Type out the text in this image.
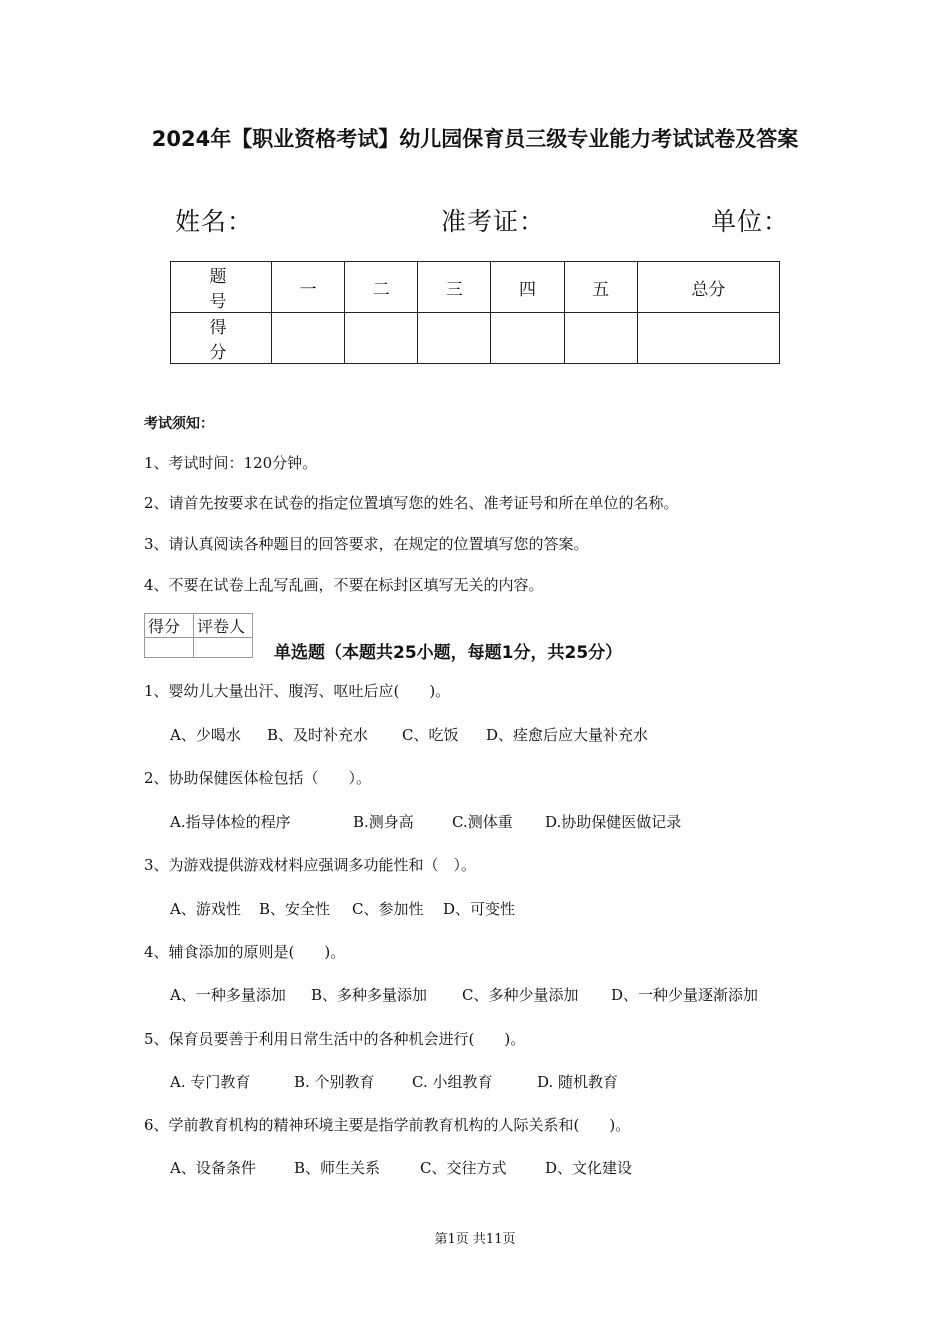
2024年【职业资格考试】幼儿园保育员三级专业能力考试试卷及答案
姓名：	准考证：	单位：
题 号	一	二	三	四	五	总分
得 分						
考试须知：
1、考试时间：120分钟。
2、请首先按要求在试卷的指定位置填写您的姓名、准考证号和所在单位的名称。
3、请认真阅读各种题目的回答要求，在规定的位置填写您的答案。
4、不要在试卷上乱写乱画，不要在标封区填写无关的内容。
得分	评卷人

单选题（本题共25小题，每题1分，共25分）
1、婴幼儿大量出汗、腹泻、呕吐后应(　　)。
A、少喝水 B、及时补充水 C、吃饭 D、痊愈后应大量补充水
2、协助保健医体检包括（　　）。
A.指导体检的程序	B.测身高	C.测体重 D.协助保健医做记录
3、为游戏提供游戏材料应强调多功能性和（　）。
A、游戏性 B、安全性 C、参加性 D、可变性
4、辅食添加的原则是(　　)。
A、一种多量添加 B、多种多量添加 C、多种少量添加 D、一种少量逐渐添加
5、保育员要善于利用日常生活中的各种机会进行(　　)。
A. 专门教育	B. 个别教育 C. 小组教育	D. 随机教育
6、学前教育机构的精神环境主要是指学前教育机构的人际关系和(　　)。
A、设备条件	B、师生关系	C、交往方式	D、文化建设
第1页 共11页
